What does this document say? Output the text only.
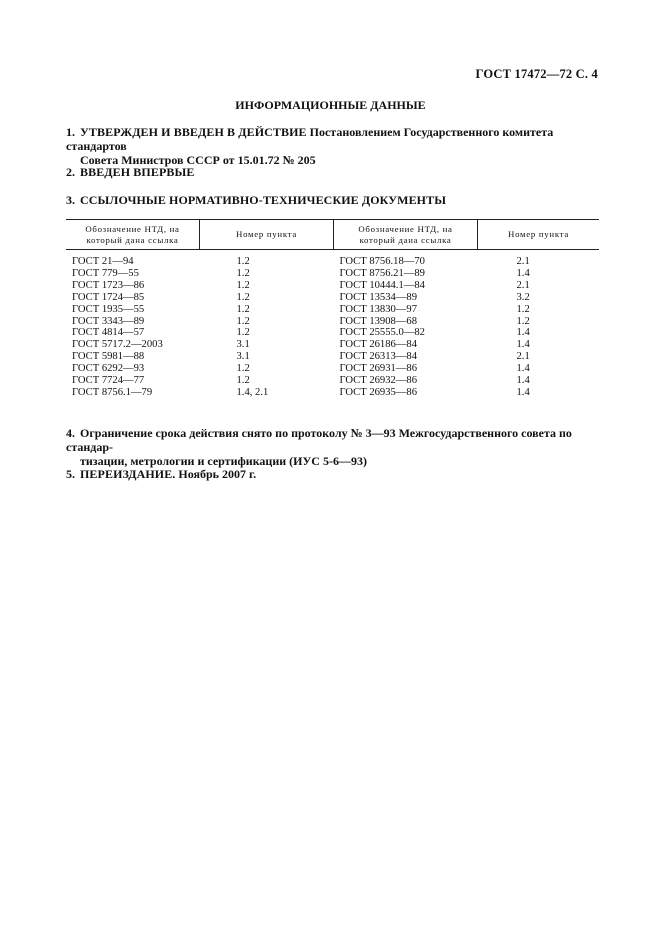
ГОСТ 17472—72 С. 4
ИНФОРМАЦИОННЫЕ ДАННЫЕ
1. УТВЕРЖДЕН И ВВЕДЕН В ДЕЙСТВИЕ Постановлением Государственного комитета стандартов
Совета Министров СССР от 15.01.72 № 205
2. ВВЕДЕН ВПЕРВЫЕ
3. ССЫЛОЧНЫЕ НОРМАТИВНО-ТЕХНИЧЕСКИЕ ДОКУМЕНТЫ
Обозначение НТД, на
который дана ссылка	Номер пункта	Обозначение НТД, на
который дана ссылка	Номер пункта
ГОСТ 21—94	1.2	ГОСТ 8756.18—70	2.1
ГОСТ 779—55	1.2	ГОСТ 8756.21—89	1.4
ГОСТ 1723—86	1.2	ГОСТ 10444.1—84	2.1
ГОСТ 1724—85	1.2	ГОСТ 13534—89	3.2
ГОСТ 1935—55	1.2	ГОСТ 13830—97	1.2
ГОСТ 3343—89	1.2	ГОСТ 13908—68	1.2
ГОСТ 4814—57	1.2	ГОСТ 25555.0—82	1.4
ГОСТ 5717.2—2003	3.1	ГОСТ 26186—84	1.4
ГОСТ 5981—88	3.1	ГОСТ 26313—84	2.1
ГОСТ 6292—93	1.2	ГОСТ 26931—86	1.4
ГОСТ 7724—77	1.2	ГОСТ 26932—86	1.4
ГОСТ 8756.1—79	1.4, 2.1	ГОСТ 26935—86	1.4
4. Ограничение срока действия снято по протоколу № 3—93 Межгосударственного совета по стандар-
тизации, метрологии и сертификации (ИУС 5-6—93)
5. ПЕРЕИЗДАНИЕ. Ноябрь 2007 г.
